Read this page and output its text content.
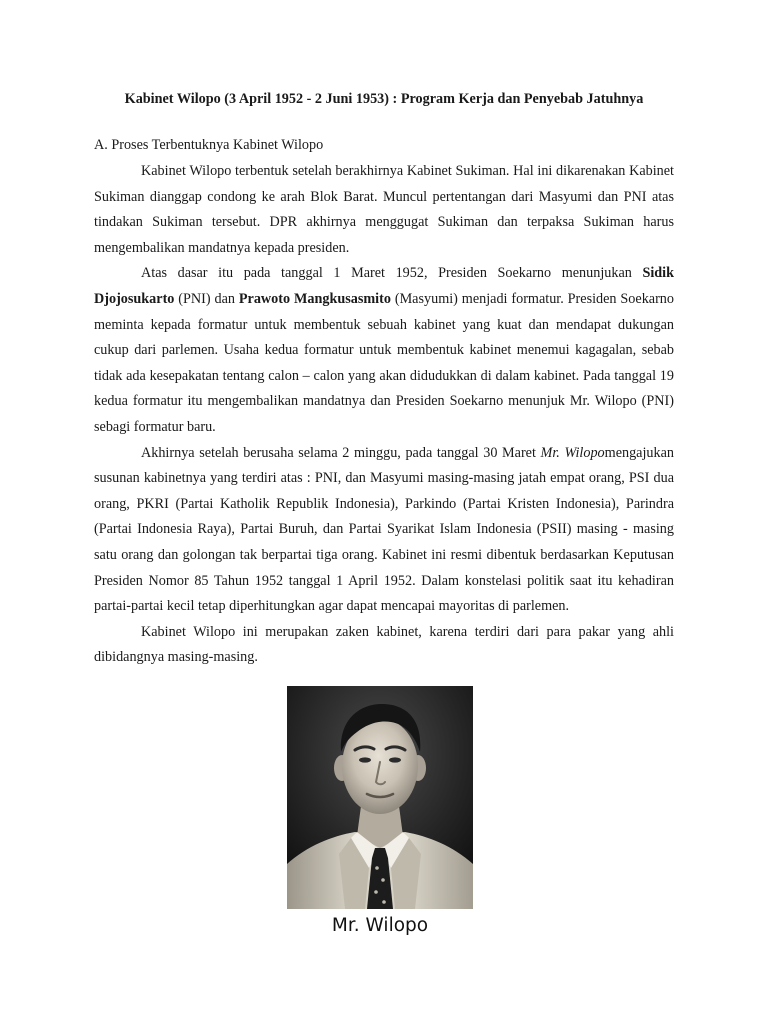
Kabinet Wilopo (3 April 1952 - 2 Juni 1953) : Program Kerja dan Penyebab Jatuhnya
A. Proses Terbentuknya Kabinet Wilopo

Kabinet Wilopo terbentuk setelah berakhirnya Kabinet Sukiman. Hal ini dikarenakan Kabinet Sukiman dianggap condong ke arah Blok Barat. Muncul pertentangan dari Masyumi dan PNI atas tindakan Sukiman tersebut. DPR akhirnya menggugat Sukiman dan terpaksa Sukiman harus mengembalikan mandatnya kepada presiden.

Atas dasar itu pada tanggal 1 Maret 1952, Presiden Soekarno menunjukan Sidik Djojosukarto (PNI) dan Prawoto Mangkusasmito (Masyumi) menjadi formatur. Presiden Soekarno meminta kepada formatur untuk membentuk sebuah kabinet yang kuat dan mendapat dukungan cukup dari parlemen. Usaha kedua formatur untuk membentuk kabinet menemui kagagalan, sebab tidak ada kesepakatan tentang calon – calon yang akan didudukkan di dalam kabinet. Pada tanggal 19 kedua formatur itu mengembalikan mandatnya dan Presiden Soekarno menunjuk Mr. Wilopo (PNI) sebagi formatur baru.

Akhirnya setelah berusaha selama 2 minggu, pada tanggal 30 Maret Mr. Wilopomengajukan susunan kabinetnya yang terdiri atas : PNI, dan Masyumi masing-masing jatah empat orang, PSI dua orang, PKRI (Partai Katholik Republik Indonesia), Parkindo (Partai Kristen Indonesia), Parindra (Partai Indonesia Raya), Partai Buruh, dan Partai Syarikat Islam Indonesia (PSII) masing - masing satu orang dan golongan tak berpartai tiga orang. Kabinet ini resmi dibentuk berdasarkan Keputusan Presiden Nomor 85 Tahun 1952 tanggal 1 April 1952. Dalam konstelasi politik saat itu kehadiran partai-partai kecil tetap diperhitungkan agar dapat mencapai mayoritas di parlemen.

Kabinet Wilopo ini merupakan zaken kabinet, karena terdiri dari para pakar yang ahli dibidangnya masing-masing.

Mr. Wilopo
